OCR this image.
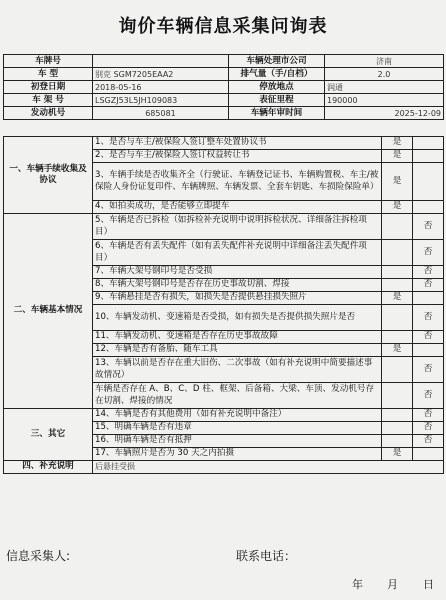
询价车辆信息采集问询表
车牌号		车辆处理市公司	济南
车 型	别克 SGM7205EAA2	排气量（手/自档）	2.0
初登日期	2018-05-16	停放地点	润通
车 架 号	LSGZJ53L5JH109083	表征里程	190000
发动机号	685081	车辆年审时间	2025-12-09
一、车辆手续收集及协议	1、是否与车主/被保险人签订整车处置协议书	是	
	2、是否与车主/被保险人签订权益转让书	是	
	3、车辆手续是否收集齐全（行驶证、车辆登记证书、车辆购置税、车主/被保险人身份证复印件、车辆牌照、车辆发票、全套车钥匙、车损险保险单）	是	
	4、如拍卖成功，是否能够立即提车	是	
二、车辆基本情况	5、车辆是否已拆检（如拆检补充说明中说明拆检状况、详细备注拆检项目）		否
	6、车辆是否有丢失配件（如有丢失配件补充说明中详细备注丢失配件项目）		否
	7、车辆大架号钢印号是否受损		否
	8、车辆大架号钢印号是否存在历史事故切割、焊接		否
	9、车辆悬挂是否有损失，如损失是否提供悬挂损失照片	是	
	10、车辆发动机、变速箱是否受损，如有损失是否提供损失照片是否		否
	11、车辆发动机、变速箱是否存在历史事故故障		否
	12、车辆是否有备胎、随车工具	是	
	13、车辆以前是否存在重大旧伤、二次事故（如有补充说明中简要描述事故情况）		否
	车辆是否存在 A、B、C、D 柱、框架、后备箱、大梁、车顶、发动机号存在切割、焊接的情况		否
三、其它	14、车辆是否有其他费用（如有补充说明中备注）		否
	15、明确车辆是否有违章		否
	16、明确车辆是否有抵押		否
	17、车辆照片是否为 30 天之内拍摄	是	
四、补充说明	后悬挂受损		
信息采集人:	联系电话：
年 月 日
